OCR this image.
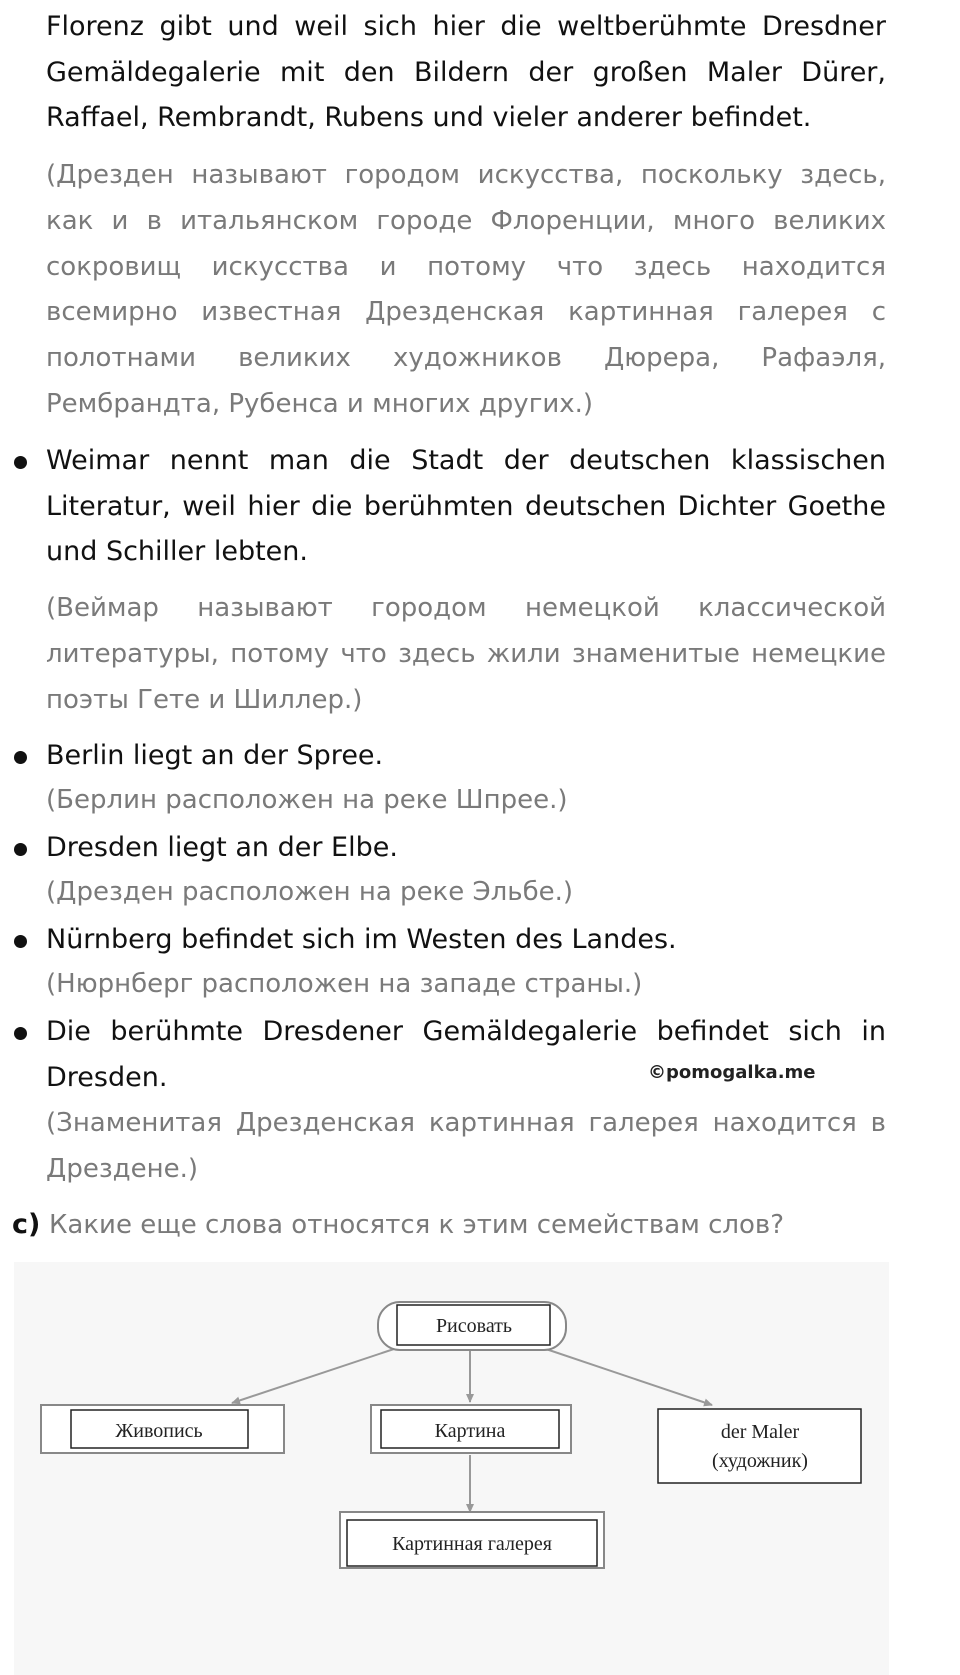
Florenz gibt und weil sich hier die weltberühmte Dresdner Gemäldegalerie mit den Bildern der großen Maler Dürer, Raffael, Rembrandt, Rubens und vieler anderer befindet.
(Дрезден называют городом искусства, поскольку здесь, как и в итальянском городе Флоренции, много великих сокровищ искусства и потому что здесь находится всемирно известная Дрезденская картинная галерея с полотнами великих художников Дюрера, Рафаэля, Рембрандта, Рубенса и многих других.)
Weimar nennt man die Stadt der deutschen klassischen Literatur, weil hier die berühmten deutschen Dichter Goethe und Schiller lebten.
(Веймар называют городом немецкой классической литературы, потому что здесь жили знаменитые немецкие поэты Гете и Шиллер.)
Berlin liegt an der Spree.
(Берлин расположен на реке Шпрее.)
Dresden liegt an der Elbe.
(Дрезден расположен на реке Эльбе.)
Nürnberg befindet sich im Westen des Landes.
(Нюрнберг расположен на западе страны.)
Die berühmte Dresdener Gemäldegalerie befindet sich in Dresden.	©pomogalka.me
(Знаменитая Дрезденская картинная галерея находится в Дрездене.)
c) Какие еще слова относятся к этим семействам слов?
Рисовать
Живопись	Картина	der Maler
(художник)
Картинная галерея
